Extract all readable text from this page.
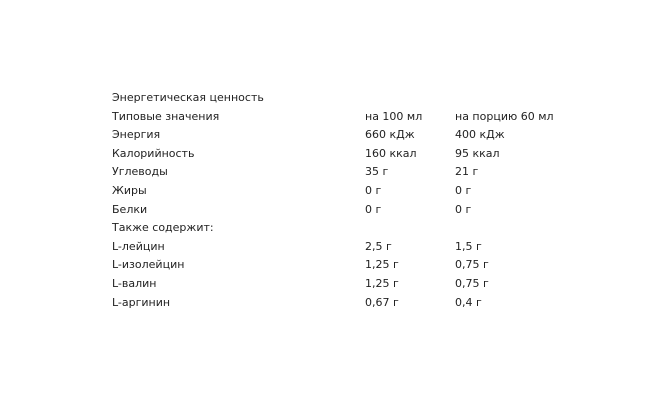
Энергетическая ценность		
Типовые значения	на 100 мл	на порцию 60 мл
Энергия	660 кДж	400 кДж
Калорийность	160 ккал	95 ккал
Углеводы	35 г	21 г
Жиры	0 г	0 г
Белки	0 г	0 г
Также содержит:		
L-лейцин	2,5 г	1,5 г
L-изолейцин	1,25 г	0,75 г
L-валин	1,25 г	0,75 г
L-аргинин	0,67 г	0,4 г
